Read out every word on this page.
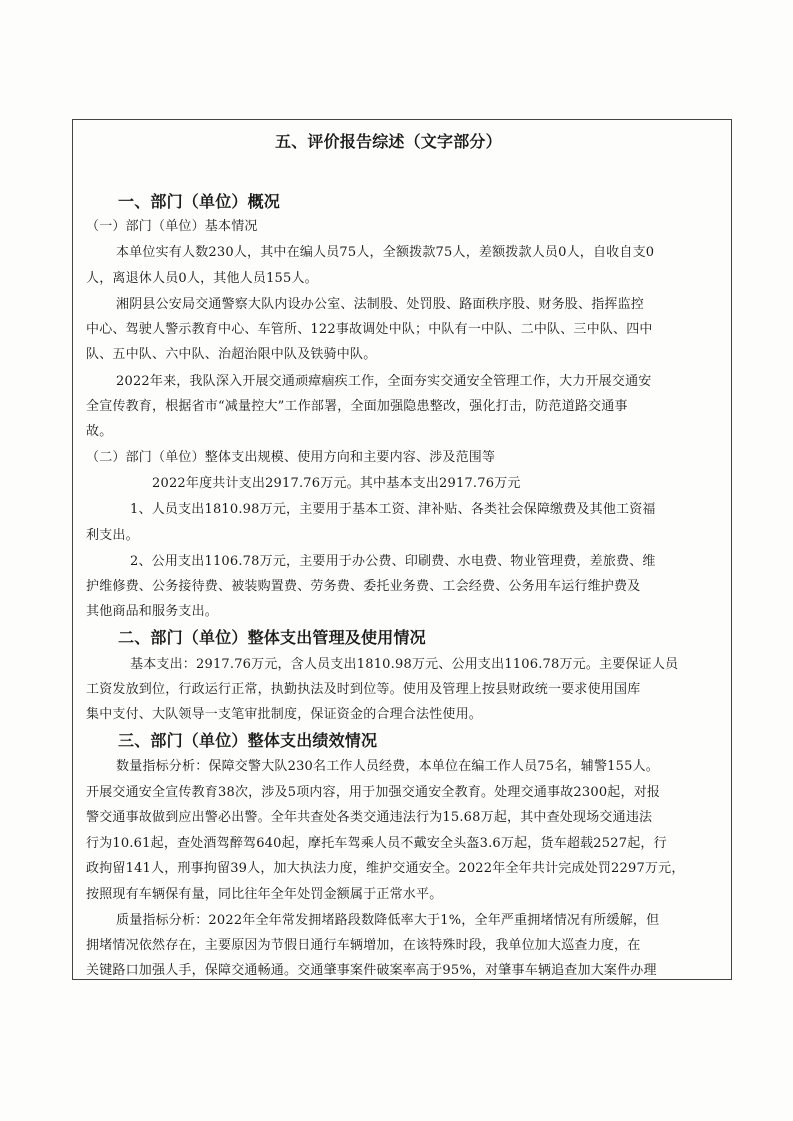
五、评价报告综述（文字部分）
一、部门（单位）概况
（一）部门（单位）基本情况
本单位实有人数230人，其中在编人员75人，全额拨款75人，差额拨款人员0人，自收自支0
人，离退休人员0人，其他人员155人。
湘阴县公安局交通警察大队内设办公室、法制股、处罚股、路面秩序股、财务股、指挥监控
中心、驾驶人警示教育中心、车管所、122事故调处中队；中队有一中队、二中队、三中队、四中
队、五中队、六中队、治超治限中队及铁骑中队。
2022年来，我队深入开展交通顽瘴痼疾工作，全面夯实交通安全管理工作，大力开展交通安
全宣传教育，根据省市“减量控大”工作部署，全面加强隐患整改，强化打击，防范道路交通事
故。
（二）部门（单位）整体支出规模、使用方向和主要内容、涉及范围等
2022年度共计支出2917.76万元。其中基本支出2917.76万元
1、人员支出1810.98万元，主要用于基本工资、津补贴、各类社会保障缴费及其他工资福
利支出。
2、公用支出1106.78万元，主要用于办公费、印刷费、水电费、物业管理费，差旅费、维
护维修费、公务接待费、被装购置费、劳务费、委托业务费、工会经费、公务用车运行维护费及
其他商品和服务支出。
二、部门（单位）整体支出管理及使用情况
基本支出：2917.76万元，含人员支出1810.98万元、公用支出1106.78万元。主要保证人员
工资发放到位，行政运行正常，执勤执法及时到位等。使用及管理上按县财政统一要求使用国库
集中支付、大队领导一支笔审批制度，保证资金的合理合法性使用。
三、部门（单位）整体支出绩效情况
数量指标分析：保障交警大队230名工作人员经费，本单位在编工作人员75名，辅警155人。
开展交通安全宣传教育38次，涉及5项内容，用于加强交通安全教育。处理交通事故2300起，对报
警交通事故做到应出警必出警。全年共查处各类交通违法行为15.68万起，其中查处现场交通违法
行为10.61起，查处酒驾醉驾640起，摩托车驾乘人员不戴安全头盔3.6万起，货车超载2527起，行
政拘留141人，刑事拘留39人，加大执法力度，维护交通安全。2022年全年共计完成处罚2297万元，
按照现有车辆保有量，同比往年全年处罚金额属于正常水平。
质量指标分析：2022年全年常发拥堵路段数降低率大于1%，全年严重拥堵情况有所缓解，但
拥堵情况依然存在，主要原因为节假日通行车辆增加，在该特殊时段，我单位加大巡查力度，在
关键路口加强人手，保障交通畅通。交通肇事案件破案率高于95%，对肇事车辆追查加大案件办理
